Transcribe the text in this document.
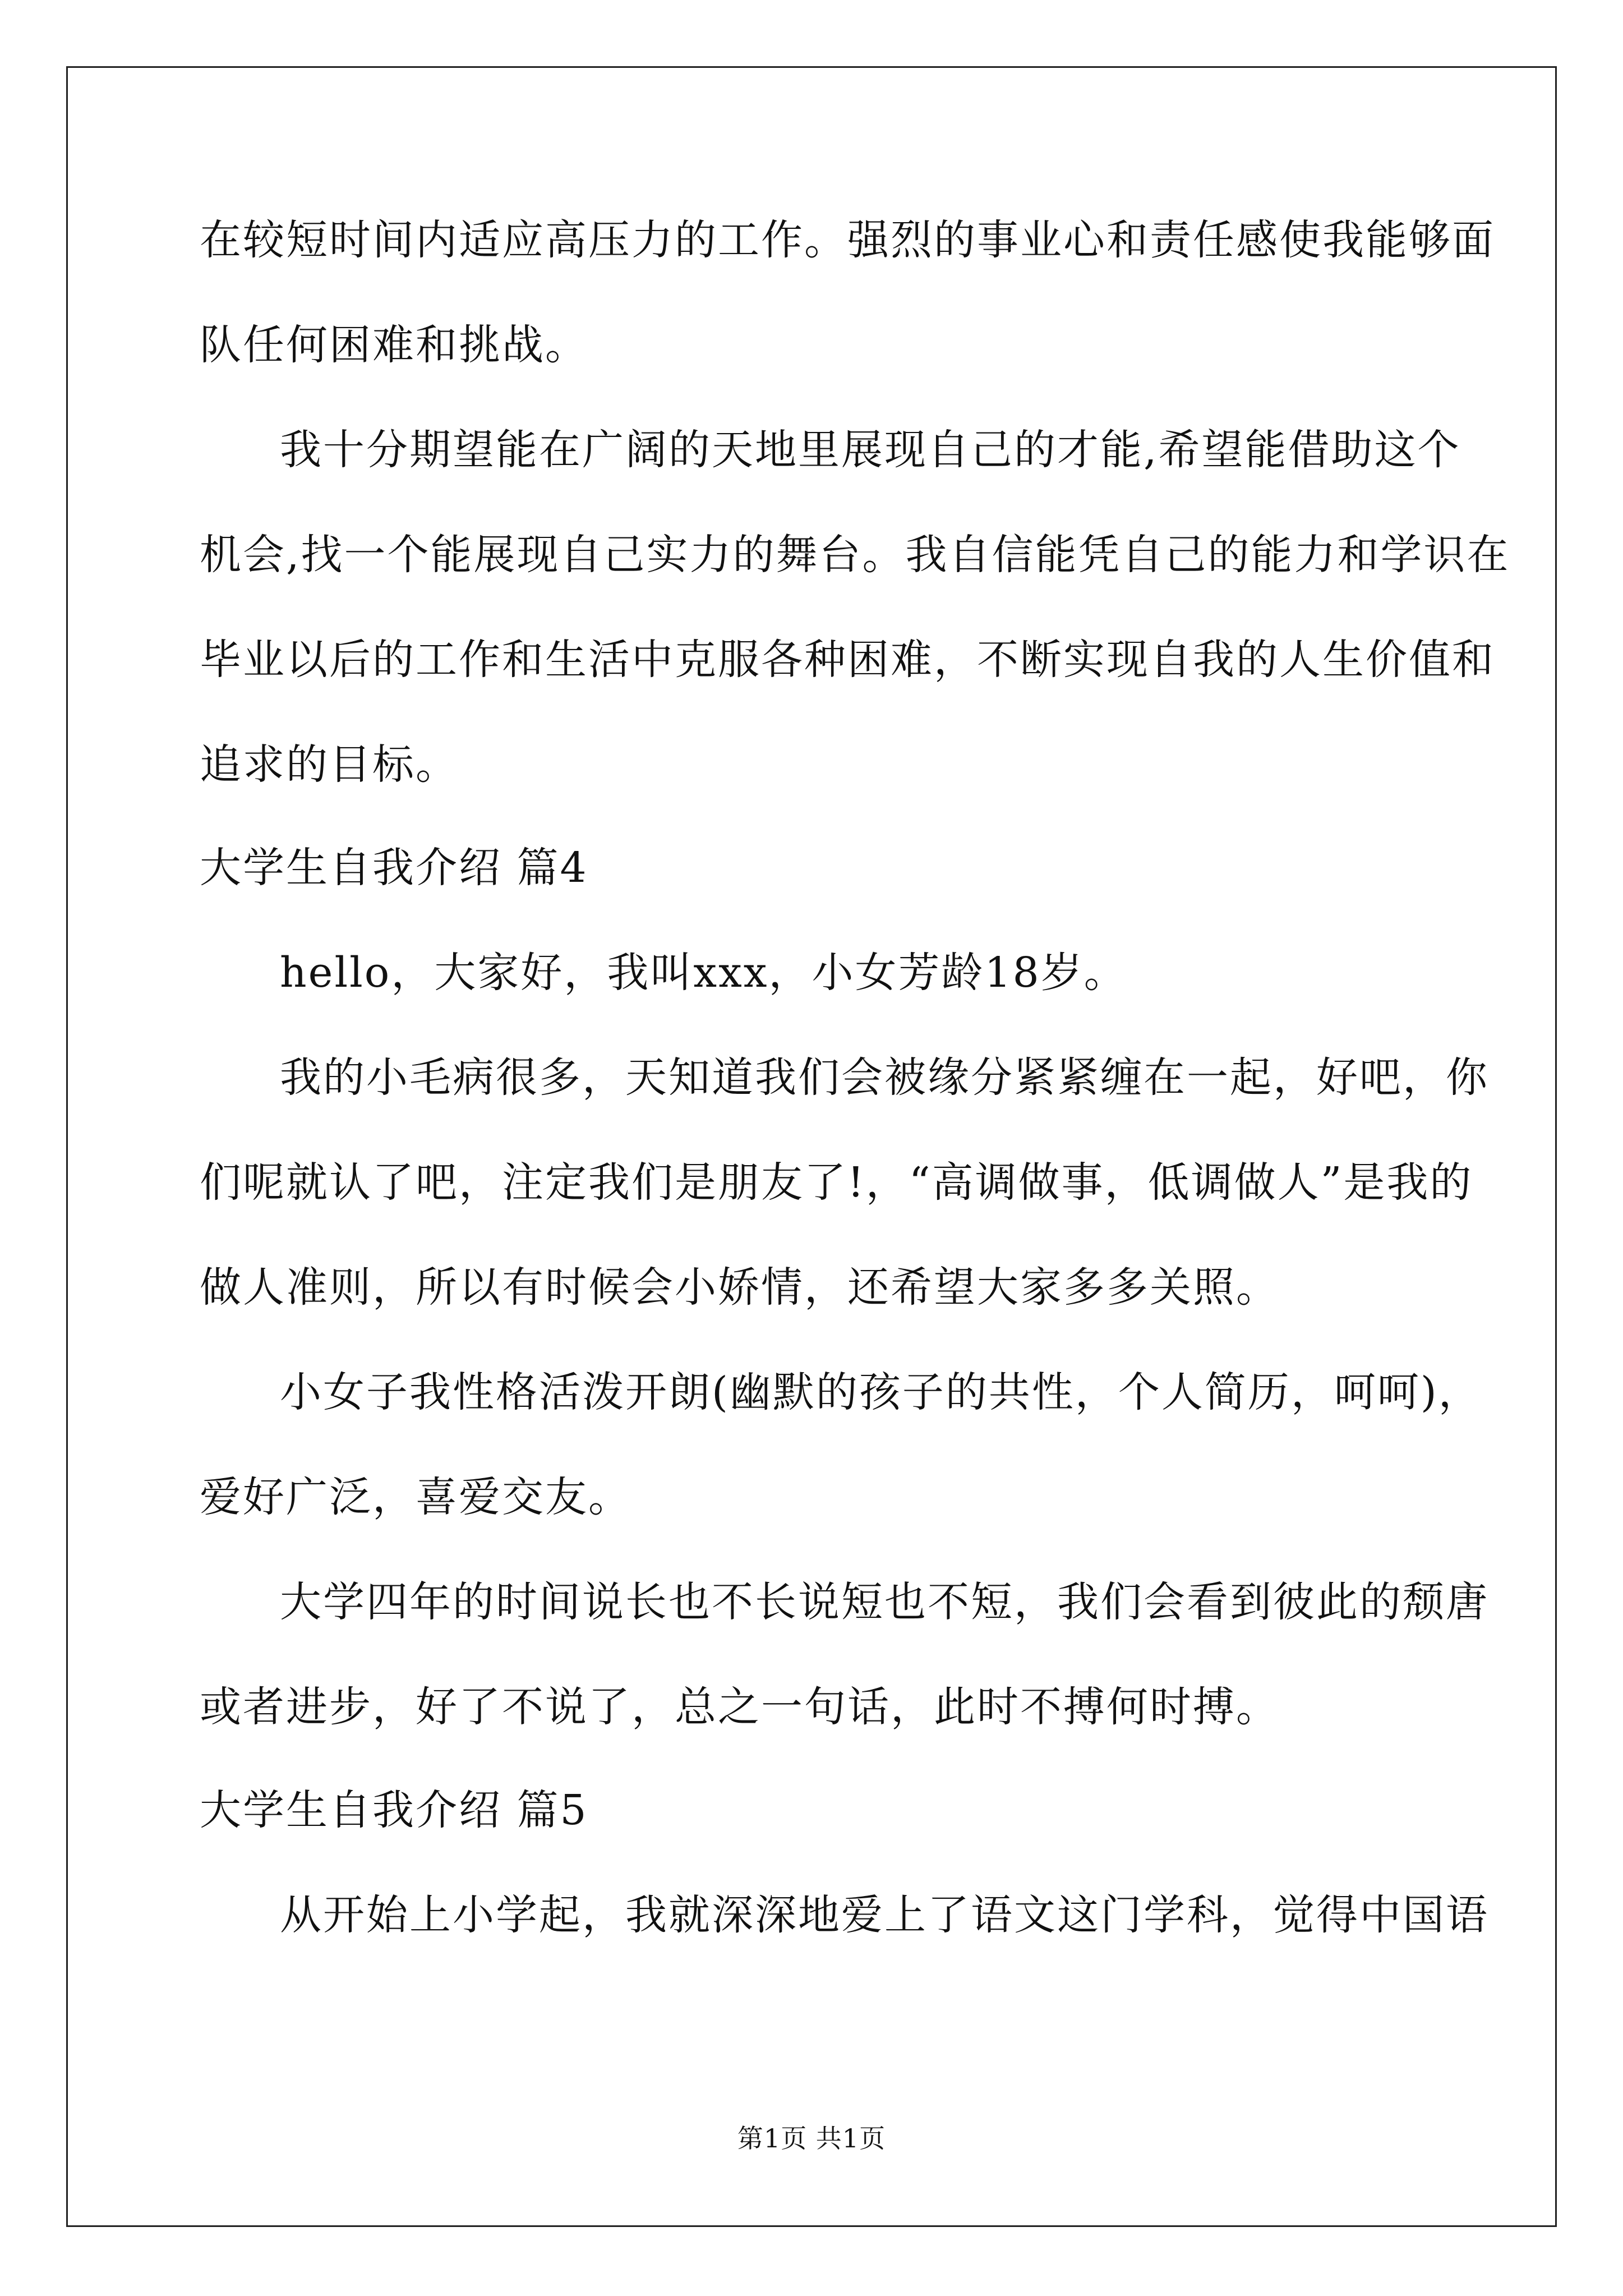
在较短时间内适应高压力的工作。强烈的事业心和责任感使我能够面
队任何困难和挑战。
我十分期望能在广阔的天地里展现自己的才能,希望能借助这个
机会,找一个能展现自己实力的舞台。我自信能凭自己的能力和学识在
毕业以后的工作和生活中克服各种困难，不断实现自我的人生价值和
追求的目标。
大学生自我介绍 篇4
hello，大家好，我叫xxx，小女芳龄18岁。
我的小毛病很多，天知道我们会被缘分紧紧缠在一起，好吧，你
们呢就认了吧，注定我们是朋友了!，“高调做事，低调做人”是我的
做人准则，所以有时候会小娇情，还希望大家多多关照。
小女子我性格活泼开朗(幽默的孩子的共性，个人简历，呵呵)，
爱好广泛，喜爱交友。
大学四年的时间说长也不长说短也不短，我们会看到彼此的颓唐
或者进步，好了不说了，总之一句话，此时不搏何时搏。
大学生自我介绍 篇5
从开始上小学起，我就深深地爱上了语文这门学科，觉得中国语
第1页 共1页
